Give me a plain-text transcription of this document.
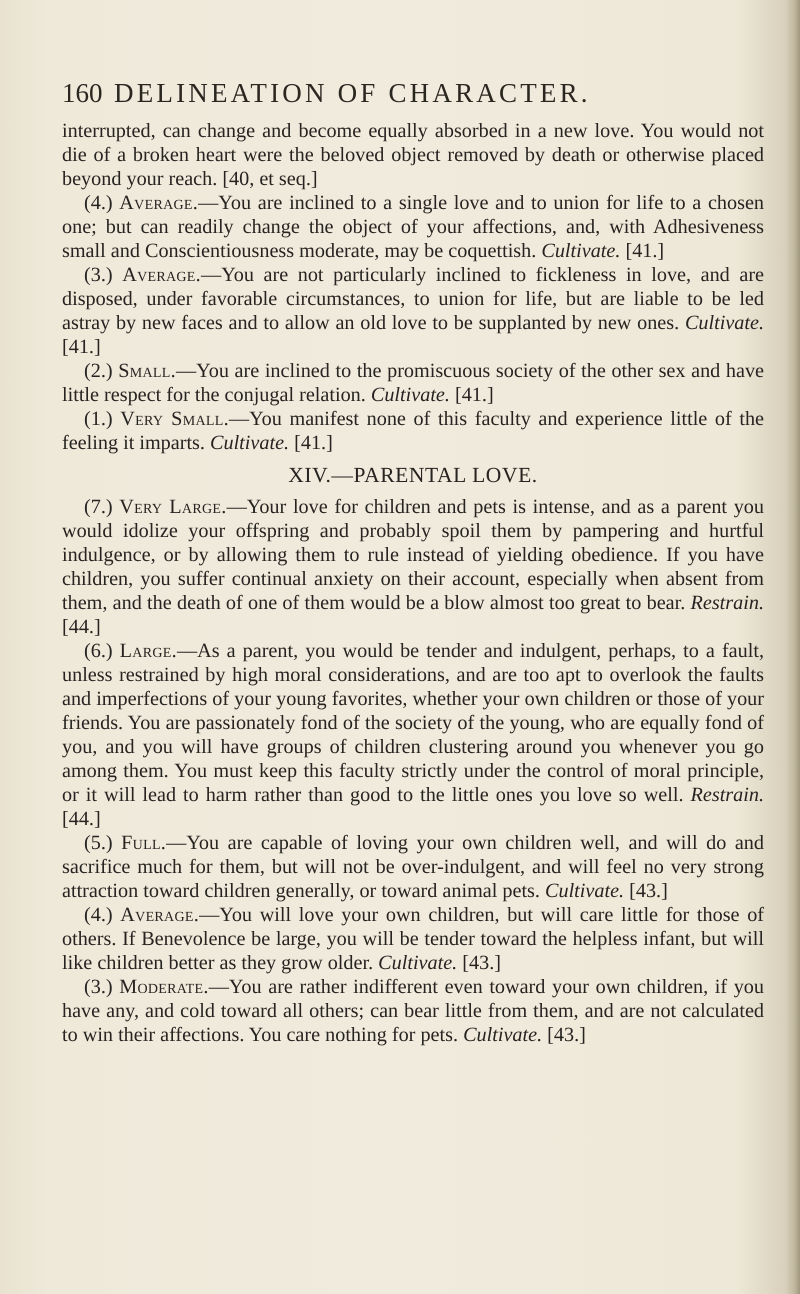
160 DELINEATION OF CHARACTER.

interrupted, can change and become equally absorbed in a new love. You would not die of a broken heart were the beloved object removed by death or otherwise placed beyond your reach. [40, et seq.]

(4.) Average.—You are inclined to a single love and to union for life to a chosen one; but can readily change the object of your affections, and, with Adhesiveness small and Conscientiousness moderate, may be coquettish. Cultivate. [41.]

(3.) Average.—You are not particularly inclined to fickleness in love, and are disposed, under favorable circumstances, to union for life, but are liable to be led astray by new faces and to allow an old love to be supplanted by new ones. Cultivate. [41.]

(2.) Small.—You are inclined to the promiscuous society of the other sex and have little respect for the conjugal relation. Cultivate. [41.]

(1.) Very Small.—You manifest none of this faculty and experience little of the feeling it imparts. Cultivate. [41.]

XIV.—PARENTAL LOVE.

(7.) Very Large.—Your love for children and pets is intense, and as a parent you would idolize your offspring and probably spoil them by pampering and hurtful indulgence, or by allowing them to rule instead of yielding obedience. If you have children, you suffer continual anxiety on their account, especially when absent from them, and the death of one of them would be a blow almost too great to bear. Restrain. [44.]

(6.) Large.—As a parent, you would be tender and indulgent, perhaps, to a fault, unless restrained by high moral considerations, and are too apt to overlook the faults and imperfections of your young favorites, whether your own children or those of your friends. You are passionately fond of the society of the young, who are equally fond of you, and you will have groups of children clustering around you whenever you go among them. You must keep this faculty strictly under the control of moral principle, or it will lead to harm rather than good to the little ones you love so well. Restrain. [44.]

(5.) Full.—You are capable of loving your own children well, and will do and sacrifice much for them, but will not be over-indulgent, and will feel no very strong attraction toward children generally, or toward animal pets. Cultivate. [43.]

(4.) Average.—You will love your own children, but will care little for those of others. If Benevolence be large, you will be tender toward the helpless infant, but will like children better as they grow older. Cultivate. [43.]

(3.) Moderate.—You are rather indifferent even toward your own children, if you have any, and cold toward all others; can bear little from them, and are not calculated to win their affections. You care nothing for pets. Cultivate. [43.]
